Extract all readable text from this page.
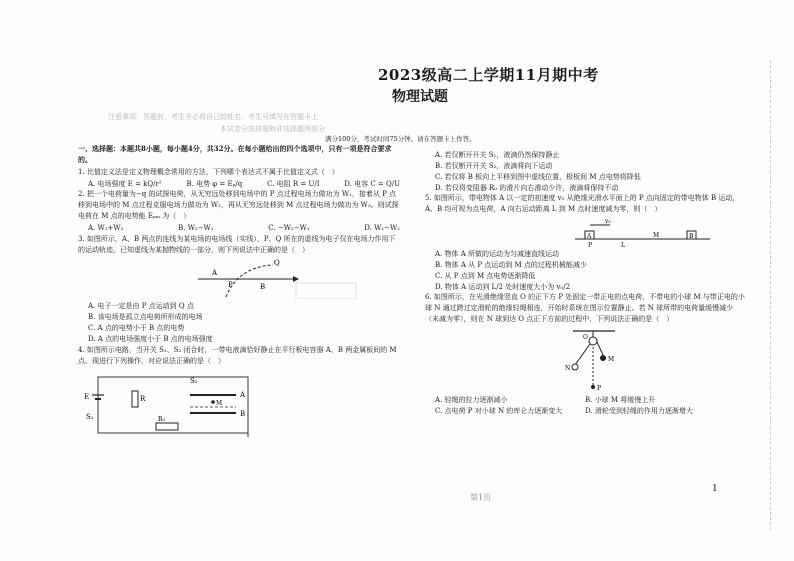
注意事项：答题前，考生务必将自己的姓名、考生号填写在答题卡上
本试卷分选择题和非选择题两部分
2023级高二上学期11月期中考
物理试题
满分100分，考试时间75分钟。请在答题卡上作答。
一、选择题：本题共8小题，每小题4分，共32分。在每小题给出的四个选项中，只有一项是符合要求的。
1. 比值定义法是定义物理概念常用的方法，下列哪个表达式不属于比值定义式（　）
A. 电场强度 E = kQ/r²	B. 电势 φ = Eₚ/q	C. 电阻 R = U/I	D. 电容 C = Q/U
2. 把一个电荷量为−q 的试探电荷，从无穷远处移到电场中的 P 点过程电场力做功为 W₁，接着从 P 点移到电场中的 M 点过程克服电场力做功为 W₂，再从无穷远处移到 M 点过程电场力做功为 W₃。则试探电荷在 M 点的电势能 Eₚₘ 为（　）
A. W₁+W₂	B. W₂−W₁	C. −W₂−W₁	D. W₁−W₂
3. 如图所示，A、B 两点的连线为某电场的电场线（实线），P、Q 所在的虚线为电子仅在电场力作用下的运动轨迹，已知虚线为某抛物线的一部分，则下列说法中正确的是（　）
Q
P
A
B
A. 电子一定是由 P 点运动到 Q 点
B. 该电场是孤立点电荷所形成的电场
C. A 点的电势小于 B 点的电势
D. A 点的电场强度小于 B 点的电场强度
4. 如图所示电路，当开关 S₁、S₂ 闭合时，一带电液滴恰好静止在平行板电容器 A、B 两金属板间的 M 点。现进行下列操作，对应说法正确的是（　）
E	R
S₁
S₂
A
B
M
R₀
A. 若仅断开开关 S₁，液滴仍然保持静止
B. 若仅断开开关 S₂，液滴将向下运动
C. 若仅将 B 板向上平移到图中虚线位置，极板间 M 点电势将降低
D. 若仅将变阻器 R₀ 的滑片向右滑动少许，液滴将保持不动
5. 如图所示，带电物体 A 以一定的初速度 v₀ 从绝缘光滑水平面上的 P 点向固定的带电物体 B 运动，A、B 均可视为点电荷，A 向右运动距离 L 到 M 点时速度减为零，则（　）
A
v₀
P	L
M	B
A. 物体 A 所做的运动为匀减速直线运动
B. 物体 A 从 P 点运动到 M 点的过程机械能减少
C. 从 P 点到 M 点电势逐渐降低
D. 物体 A 运动到 L/2 处时速度大小为 v₀/2
6. 如图所示，在光滑绝缘竖直 O 的正下方 P 处固定一带正电的点电荷，不带电的小球 M 与带正电的小球 N 通过跨过定滑轮的绝缘轻绳相连，开始时系统在图示位置静止。若 N 球所带的电荷量缓慢减少（未减为零），则在 N 球到达 O 点正下方前的过程中，下列说法正确的是（　）
O
N
M
P
A. 轻绳的拉力逐渐减小	B. 小球 M 将缓慢上升
C. 点电荷 P 对小球 N 的库仑力逐渐变大	D. 滑轮受到轻绳的作用力逐渐增大
第1页
1
